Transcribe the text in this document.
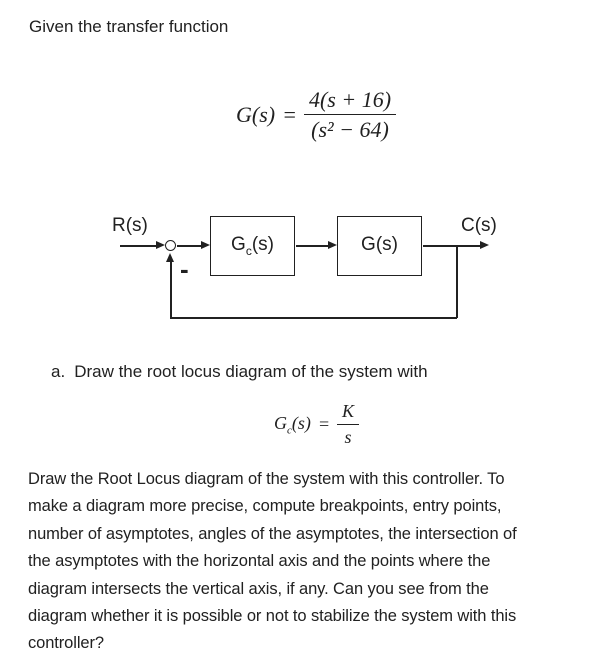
Given the transfer function
$G(s) = \frac{4(s + 16)}{\text{(s² − 64)}}$
R(s)	C(s)
-
$G_c(s)$	G(s)
a. Draw the root locus diagram of the system with
$G_c(s) = \frac{K}{s}$
Draw the Root Locus diagram of the system with this controller. To
make a diagram more precise, compute breakpoints, entry points,
number of asymptotes, angles of the asymptotes, the intersection of
the asymptotes with the horizontal axis and the points where the
diagram intersects the vertical axis, if any. Can you see from the
diagram whether it is possible or not to stabilize the system with this
controller?
